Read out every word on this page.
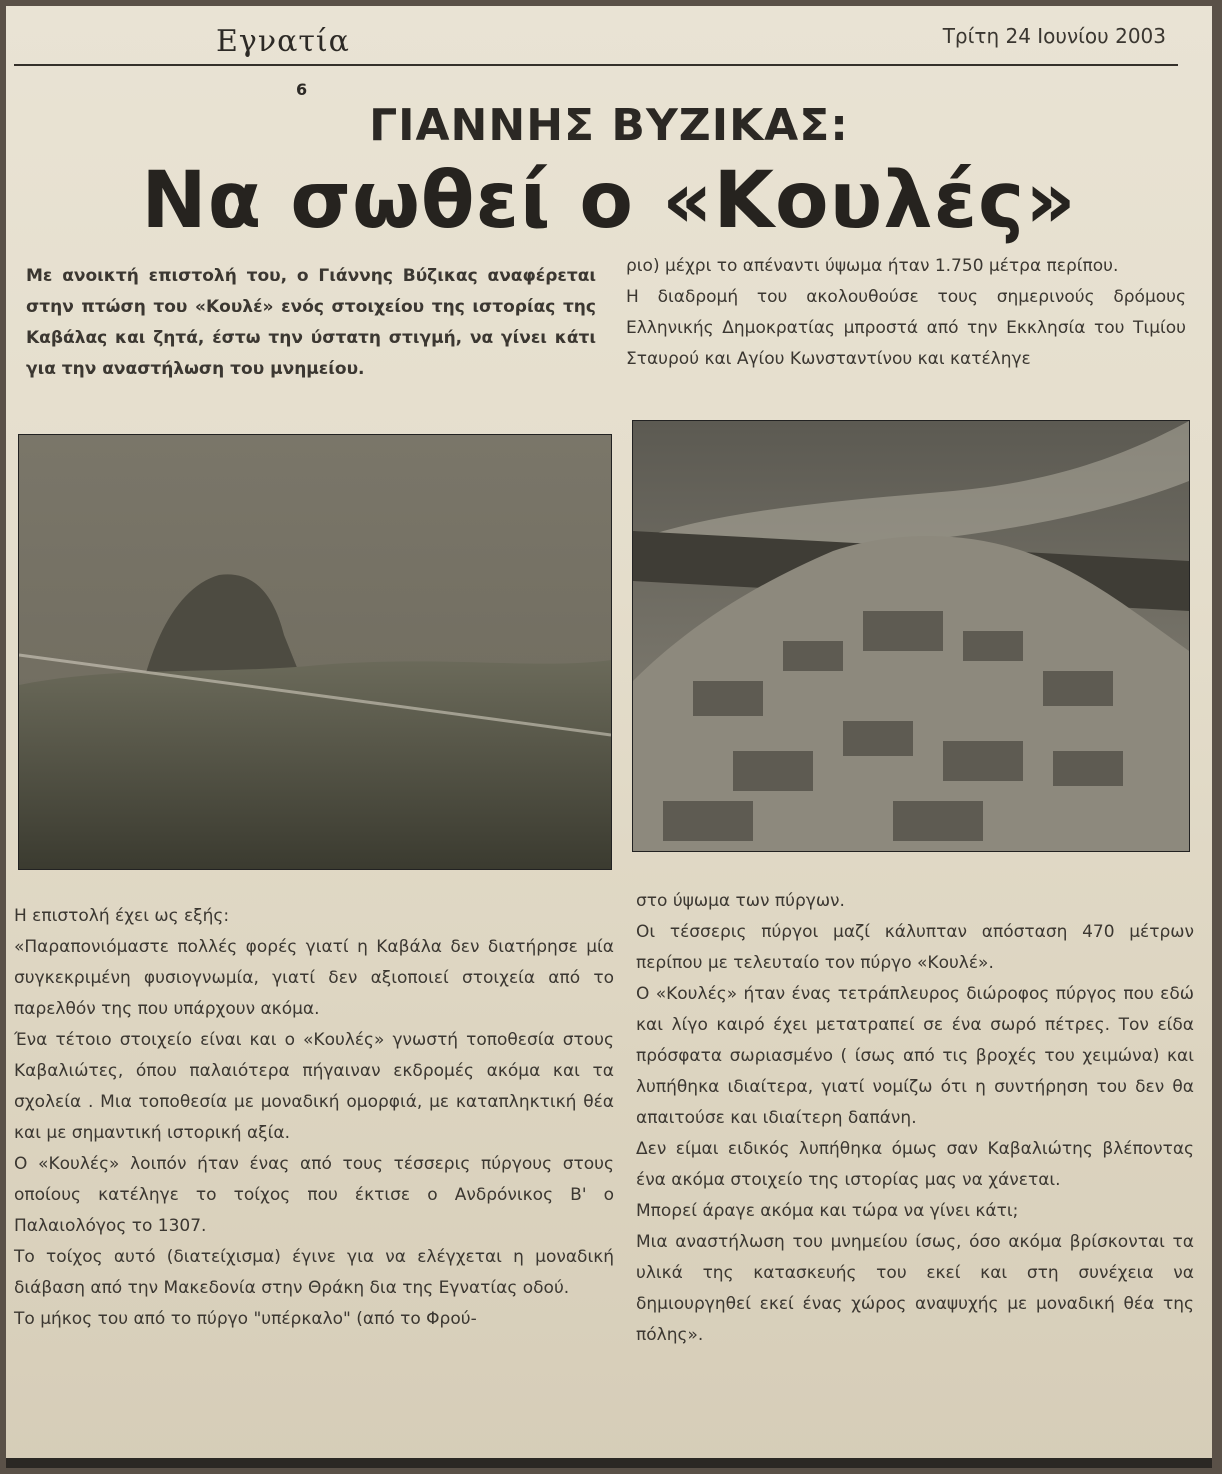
Εγνατία	Τρίτη 24 Ιουνίου 2003
6
ΓΙΑΝΝΗΣ ΒΥΖΙΚΑΣ:
Να σωθεί ο «Κουλές»
Με ανοικτή επιστολή του, ο Γιάννης Βύζικας αναφέρεται στην πτώση του «Κουλέ» ενός στοιχείου της ιστορίας της Καβάλας και ζητά, έστω την ύστατη στιγμή, να γίνει κάτι για την αναστήλωση του μνημείου.

ριο) μέχρι το απέναντι ύψωμα ήταν 1.750 μέτρα περίπου.

Η διαδρομή του ακολουθούσε τους σημερινούς δρόμους Ελληνικής Δημοκρατίας μπροστά από την Εκκλησία του Τιμίου Σταυρού και Αγίου Κωνσταντίνου και κατέληγε

Η επιστολή έχει ως εξής:

«Παραπονιόμαστε πολλές φορές γιατί η Καβάλα δεν διατήρησε μία συγκεκριμένη φυσιογνωμία, γιατί δεν αξιοποιεί στοιχεία από το παρελθόν της που υπάρχουν ακόμα.

Ένα τέτοιο στοιχείο είναι και ο «Κουλές» γνωστή τοποθεσία στους Καβαλιώτες, όπου παλαιότερα πήγαιναν εκδρομές ακόμα και τα σχολεία . Μια τοποθεσία με μοναδική ομορφιά, με καταπληκτική θέα και με σημαντική ιστορική αξία.

Ο «Κουλές» λοιπόν ήταν ένας από τους τέσσερις πύργους στους οποίους κατέληγε το τοίχος που έκτισε ο Ανδρόνικος Β' ο Παλαιολόγος το 1307.

Το τοίχος αυτό (διατείχισμα) έγινε για να ελέγχεται η μοναδική διάβαση από την Μακεδονία στην Θράκη δια της Εγνατίας οδού.

Το μήκος του από το πύργο "υπέρκαλο" (από το Φρού-

στο ύψωμα των πύργων.

Οι τέσσερις πύργοι μαζί κάλυπταν απόσταση 470 μέτρων περίπου με τελευταίο τον πύργο «Κουλέ».

Ο «Κουλές» ήταν ένας τετράπλευρος διώροφος πύργος που εδώ και λίγο καιρό έχει μετατραπεί σε ένα σωρό πέτρες. Τον είδα πρόσφατα σωριασμένο ( ίσως από τις βροχές του χειμώνα) και λυπήθηκα ιδιαίτερα, γιατί νομίζω ότι η συντήρηση του δεν θα απαιτούσε και ιδιαίτερη δαπάνη.

Δεν είμαι ειδικός λυπήθηκα όμως σαν Καβαλιώτης βλέποντας ένα ακόμα στοιχείο της ιστορίας μας να χάνεται.

Μπορεί άραγε ακόμα και τώρα να γίνει κάτι;

Μια αναστήλωση του μνημείου ίσως, όσο ακόμα βρίσκονται τα υλικά της κατασκευής του εκεί και στη συνέχεια να δημιουργηθεί εκεί ένας χώρος αναψυχής με μοναδική θέα της πόλης».
